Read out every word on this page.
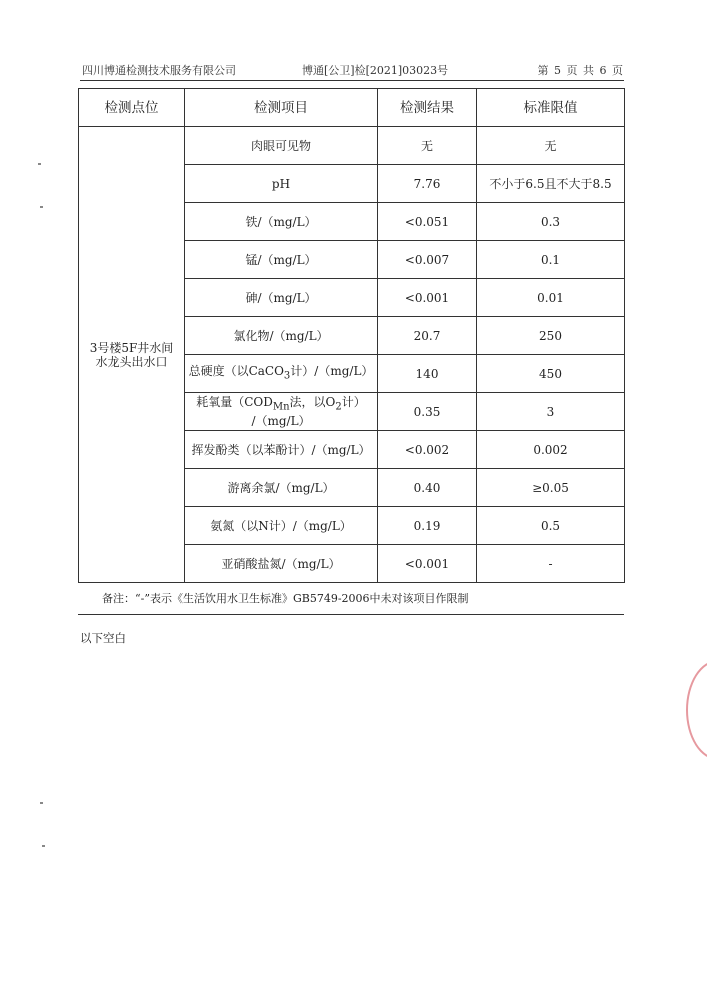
四川博通检测技术服务有限公司	博通[公卫]检[2021]03023号	第 5 页 共 6 页
检测点位	检测项目	检测结果	标准限值

3号楼5F井水间
水龙头出水口	肉眼可见物	无	无
	pH	7.76	不小于6.5且不大于8.5
	铁/（mg/L）	<0.051	0.3
	锰/（mg/L）	<0.007	0.1
	砷/（mg/L）	<0.001	0.01
	氯化物/（mg/L）	20.7	250
	总硬度（以CaCO$_3$计）/（mg/L）	140	450

	耗氧量（$COD_{Mn}$法，以$O_2$计）
/（mg/L）	0.35	3
	挥发酚类（以苯酚计）/（mg/L）	<0.002	0.002
	游离余氯/（mg/L）	0.40	≥0.05
	氨氮（以N计）/（mg/L）	0.19	0.5
	亚硝酸盐氮/（mg/L）	<0.001	-
备注：“-”表示《生活饮用水卫生标准》GB5749-2006中未对该项目作限制
以下空白
